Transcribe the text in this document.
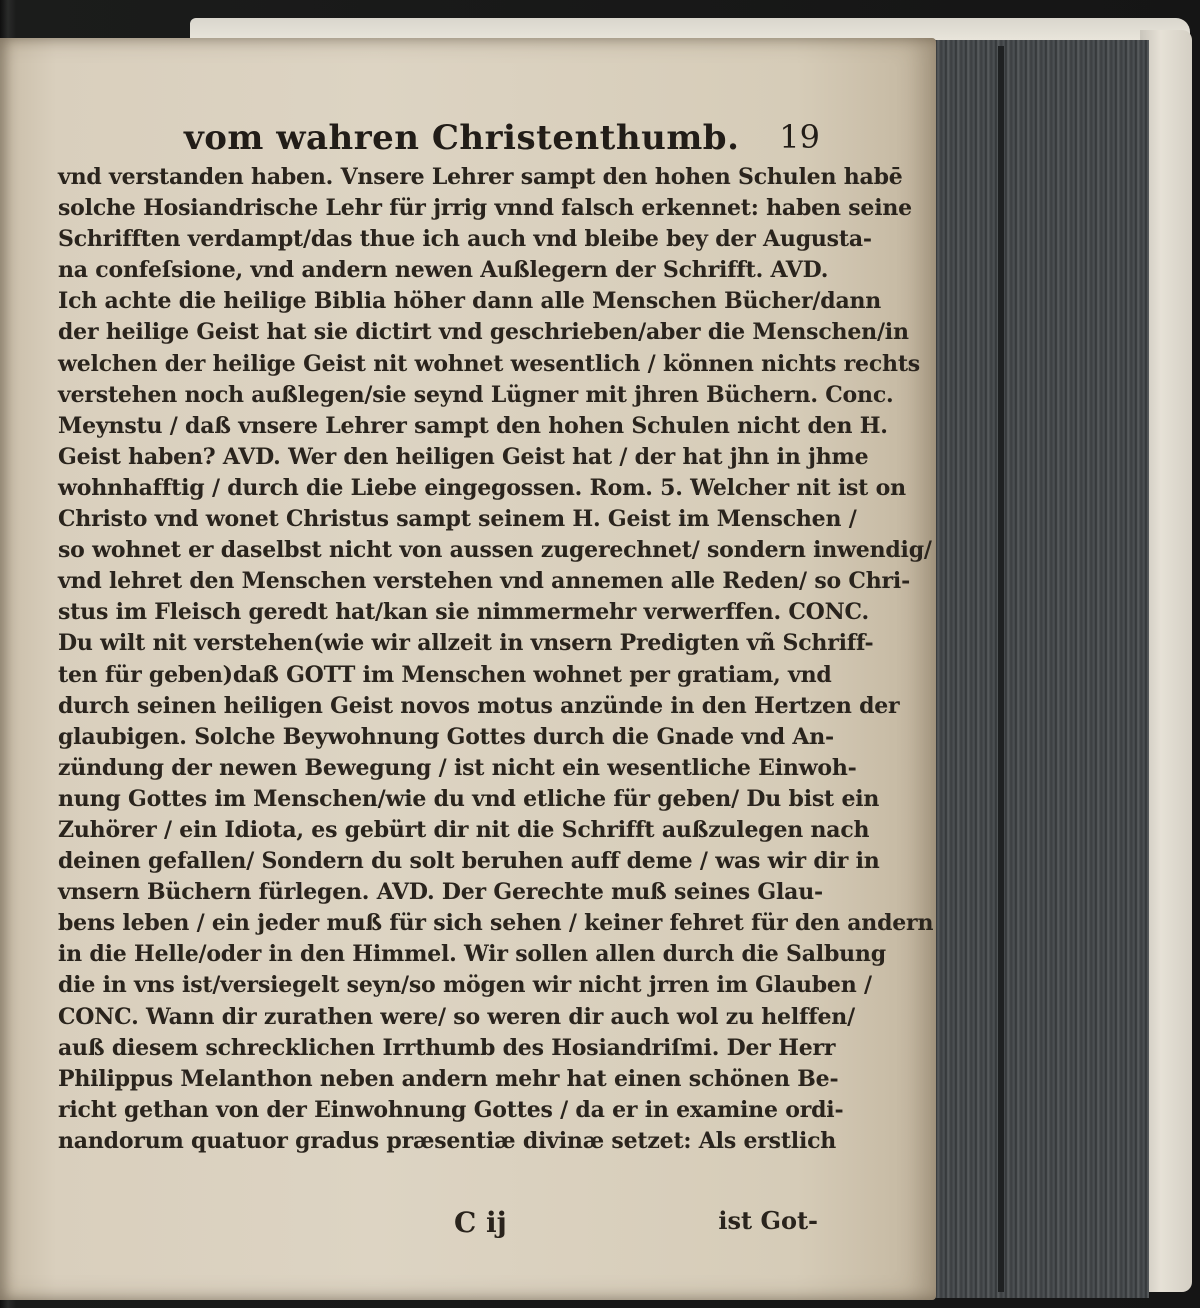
vom wahren Christenthumb. 19
vnd verstanden haben. Vnsere Lehrer sampt den hohen Schulen habē
solche Hosiandrische Lehr für jrrig vnnd falsch erkennet: haben seine
Schrifften verdampt/das thue ich auch vnd bleibe bey der Augusta-
na confeſsione, vnd andern newen Außlegern der Schrifft. AVD.
Ich achte die heilige Biblia höher dann alle Menschen Bücher/dann
der heilige Geist hat sie dictirt vnd geschrieben/aber die Menschen/in
welchen der heilige Geist nit wohnet wesentlich / können nichts rechts
verstehen noch außlegen/sie seynd Lügner mit jhren Büchern. Conc.
Meynstu / daß vnsere Lehrer sampt den hohen Schulen nicht den H.
Geist haben? AVD. Wer den heiligen Geist hat / der hat jhn in jhme
wohnhafftig / durch die Liebe eingegossen. Rom. 5. Welcher nit ist on
Christo vnd wonet Christus sampt seinem H. Geist im Menschen /
so wohnet er daselbst nicht von aussen zugerechnet/ sondern inwendig/
vnd lehret den Menschen verstehen vnd annemen alle Reden/ so Chri-
stus im Fleisch geredt hat/kan sie nimmermehr verwerffen. CONC.
Du wilt nit verstehen(wie wir allzeit in vnsern Predigten vñ Schriff-
ten für geben)daß GOTT im Menschen wohnet per gratiam, vnd
durch seinen heiligen Geist novos motus anzünde in den Hertzen der
glaubigen. Solche Beywohnung Gottes durch die Gnade vnd An-
zündung der newen Bewegung / ist nicht ein wesentliche Einwoh-
nung Gottes im Menschen/wie du vnd etliche für geben/ Du bist ein
Zuhörer / ein Idiota, es gebürt dir nit die Schrifft außzulegen nach
deinen gefallen/ Sondern du solt beruhen auff deme / was wir dir in
vnsern Büchern fürlegen. AVD. Der Gerechte muß seines Glau-
bens leben / ein jeder muß für sich sehen / keiner fehret für den andern
in die Helle/oder in den Himmel. Wir sollen allen durch die Salbung
die in vns ist/versiegelt seyn/so mögen wir nicht jrren im Glauben /
CONC. Wann dir zurathen were/ so weren dir auch wol zu helffen/
auß diesem schrecklichen Irrthumb des Hosiandriſmi. Der Herr
Philippus Melanthon neben andern mehr hat einen schönen Be-
richt gethan von der Einwohnung Gottes / da er in examine ordi-
nandorum quatuor gradus præsentiæ divinæ setzet: Als erstlich
C ij	ist Got-
